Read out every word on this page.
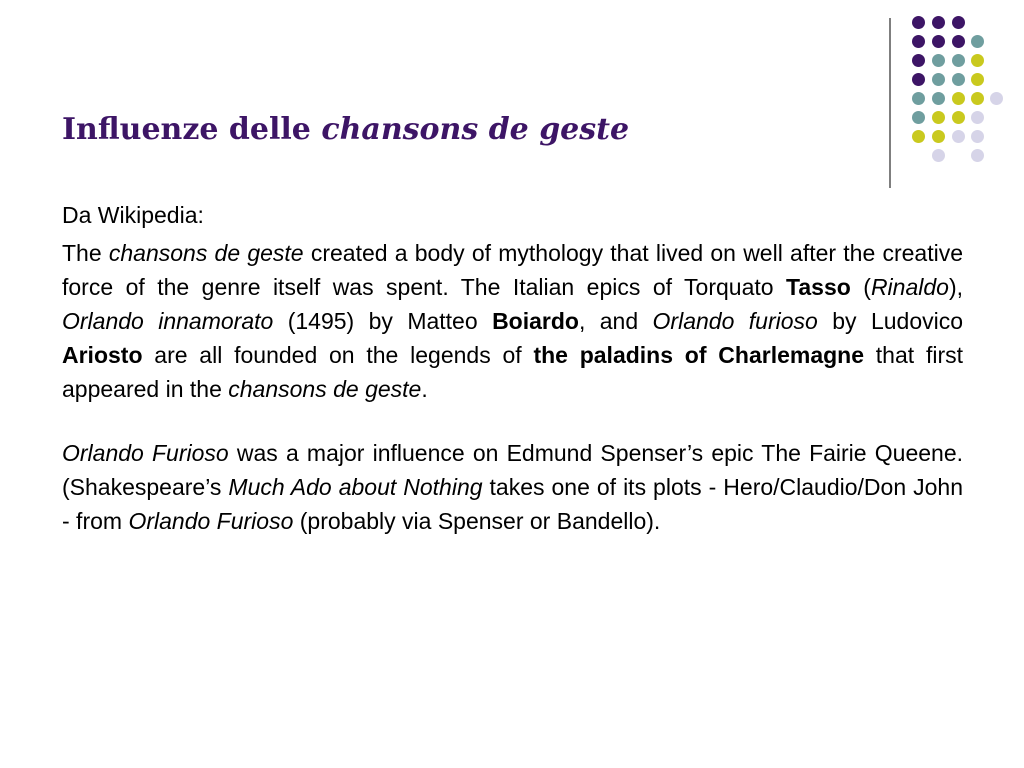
Influenze delle chansons de geste

Da Wikipedia:

The chansons de geste created a body of mythology that lived on well after the creative force of the genre itself was spent. The Italian epics of Torquato Tasso (Rinaldo), Orlando innamorato (1495) by Matteo Boiardo, and Orlando furioso by Ludovico Ariosto are all founded on the legends of the paladins of Charlemagne that first appeared in the chansons de geste.

Orlando Furioso was a major influence on Edmund Spenser’s epic The Fairie Queene. (Shakespeare’s Much Ado about Nothing takes one of its plots - Hero/Claudio/Don John - from Orlando Furioso (probably via Spenser or Bandello).
